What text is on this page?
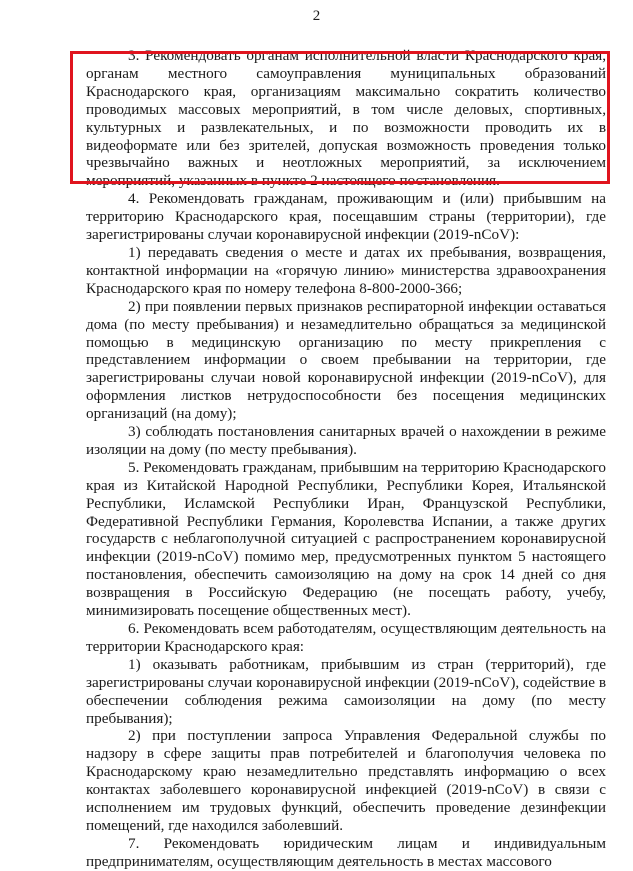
2

3. Рекомендовать органам исполнительной власти Краснодарского края, органам местного самоуправления муниципальных образований Краснодарского края, организациям максимально сократить количество проводимых массовых мероприятий, в том числе деловых, спортивных, культурных и развлекательных, и по возможности проводить их в видеоформате или без зрителей, допуская возможность проведения только чрезвычайно важных и неотложных мероприятий, за исключением мероприятий, указанных в пункте 2 настоящего постановления.

4. Рекомендовать гражданам, проживающим и (или) прибывшим на территорию Краснодарского края, посещавшим страны (территории), где зарегистрированы случаи коронавирусной инфекции (2019-nCoV):

1) передавать сведения о месте и датах их пребывания, возвращения, контактной информации на «горячую линию» министерства здравоохранения Краснодарского края по номеру телефона 8-800-2000-366;

2) при появлении первых признаков респираторной инфекции оставаться дома (по месту пребывания) и незамедлительно обращаться за медицинской помощью в медицинскую организацию по месту прикрепления с представлением информации о своем пребывании на территории, где зарегистрированы случаи новой коронавирусной инфекции (2019-nCoV), для оформления листков нетрудоспособности без посещения медицинских организаций (на дому);

3) соблюдать постановления санитарных врачей о нахождении в режиме изоляции на дому (по месту пребывания).

5. Рекомендовать гражданам, прибывшим на территорию Краснодарского края из Китайской Народной Республики, Республики Корея, Итальянской Республики, Исламской Республики Иран, Французской Республики, Федеративной Республики Германия, Королевства Испании, а также других государств с неблагополучной ситуацией с распространением коронавирусной инфекции (2019-nCoV) помимо мер, предусмотренных пунктом 5 настоящего постановления, обеспечить самоизоляцию на дому на срок 14 дней со дня возвращения в Российскую Федерацию (не посещать работу, учебу, минимизировать посещение общественных мест).

6. Рекомендовать всем работодателям, осуществляющим деятельность на территории Краснодарского края:

1) оказывать работникам, прибывшим из стран (территорий), где зарегистрированы случаи коронавирусной инфекции (2019-nCoV), содействие в обеспечении соблюдения режима самоизоляции на дому (по месту пребывания);

2) при поступлении запроса Управления Федеральной службы по надзору в сфере защиты прав потребителей и благополучия человека по Краснодарскому краю незамедлительно представлять информацию о всех контактах заболевшего коронавирусной инфекцией (2019-nCoV) в связи с исполнением им трудовых функций, обеспечить проведение дезинфекции помещений, где находился заболевший.

7. Рекомендовать юридическим лицам и индивидуальным предпринимателям, осуществляющим деятельность в местах массового
